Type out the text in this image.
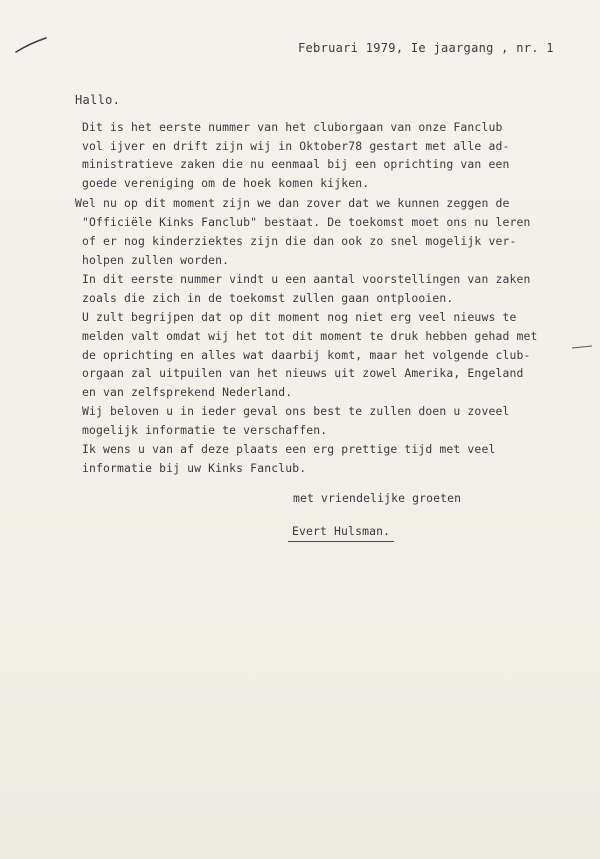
Februari 1979, Ie jaargang , nr. 1
Hallo.
Dit is het eerste nummer van het cluborgaan van onze Fanclub
vol ijver en drift zijn wij in Oktober78 gestart met alle ad-
ministratieve zaken die nu eenmaal bij een oprichting van een
goede vereniging om de hoek komen kijken.
Wel nu op dit moment zijn we dan zover dat we kunnen zeggen de
"Officiële Kinks Fanclub" bestaat. De toekomst moet ons nu leren
of er nog kinderziektes zijn die dan ook zo snel mogelijk ver-
holpen zullen worden.
In dit eerste nummer vindt u een aantal voorstellingen van zaken
zoals die zich in de toekomst zullen gaan ontplooien.
U zult begrijpen dat op dit moment nog niet erg veel nieuws te
melden valt omdat wij het tot dit moment te druk hebben gehad met
de oprichting en alles wat daarbij komt, maar het volgende club-
orgaan zal uitpuilen van het nieuws uit zowel Amerika, Engeland
en van zelfsprekend Nederland.
Wij beloven u in ieder geval ons best te zullen doen u zoveel
mogelijk informatie te verschaffen.
Ik wens u van af deze plaats een erg prettige tijd met veel
informatie bij uw Kinks Fanclub.
met vriendelijke groeten
Evert Hulsman.
